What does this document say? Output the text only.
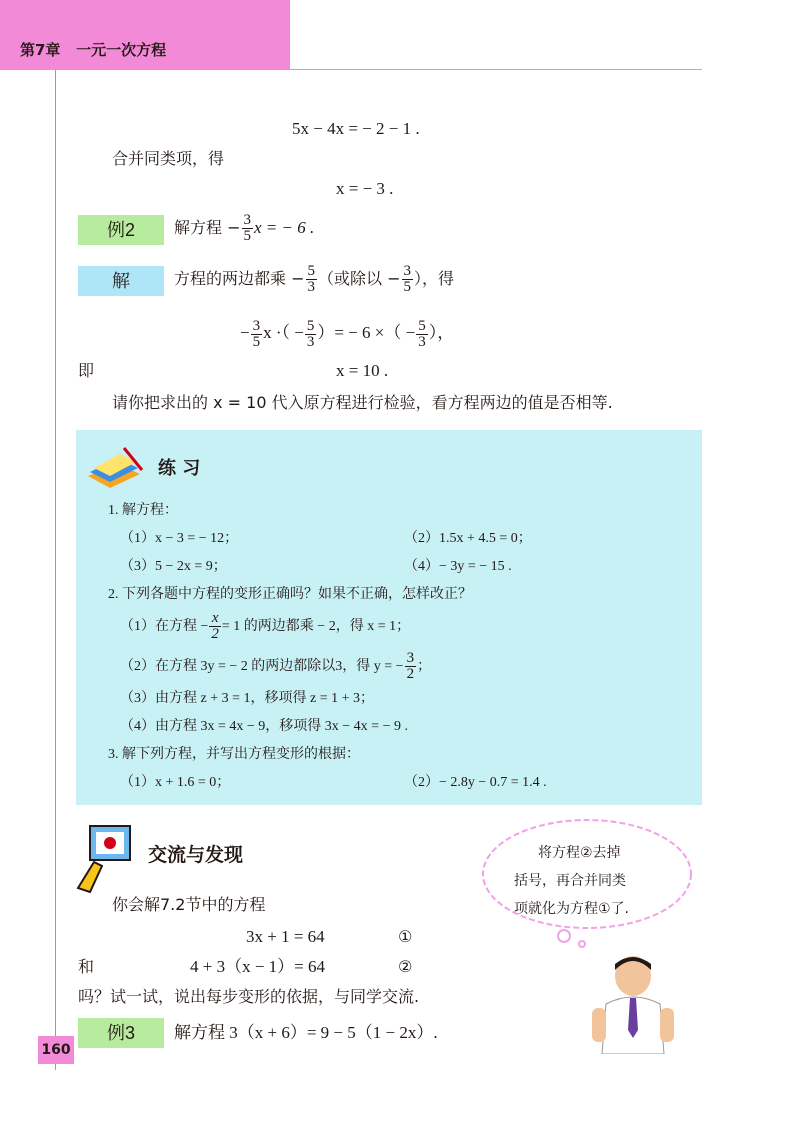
第7章 一元一次方程
5x − 4x = − 2 − 1 .
合并同类项，得
x = − 3 .
例2	解方程 − $\frac{3}{5}$ x = − 6 .
解	方程的两边都乘 − $\frac{5}{3}$ （或除以 − $\frac{3}{5}$ ），得
− $\frac{3}{5}$ x ·（ − $\frac{5}{3}$ ）= − 6 ×（ − $\frac{5}{3}$ ），
即	x = 10 .
请你把求出的 x = 10 代入原方程进行检验，看方程两边的值是否相等.
练 习
1. 解方程：
（1）x − 3 = − 12；	（2）1.5x + 4.5 = 0；
（3）5 − 2x = 9；	（4）− 3y = − 15 .
2. 下列各题中方程的变形正确吗？如果不正确，怎样改正？
（1）在方程 − $\frac{x}{2} = 1$ 的两边都乘 − 2，得 x = 1；
（2）在方程 3y = − 2 的两边都除以3，得 y = − $\frac{3}{2}$ ；
（3）由方程 z + 3 = 1，移项得 z = 1 + 3；
（4）由方程 3x = 4x − 9，移项得 3x − 4x = − 9 .
3. 解下列方程，并写出方程变形的根据：
（1）x + 1.6 = 0；	（2）− 2.8y − 0.7 = 1.4 .
交流与发现	将方程②去掉
括号，再合并同类
项就化为方程①了.
你会解7.2节中的方程
3x + 1 = 64	①
和	4 + 3（x − 1）= 64	②
吗？试一试，说出每步变形的依据，与同学交流.
例3	解方程 3（x + 6）= 9 − 5（1 − 2x）.
160
